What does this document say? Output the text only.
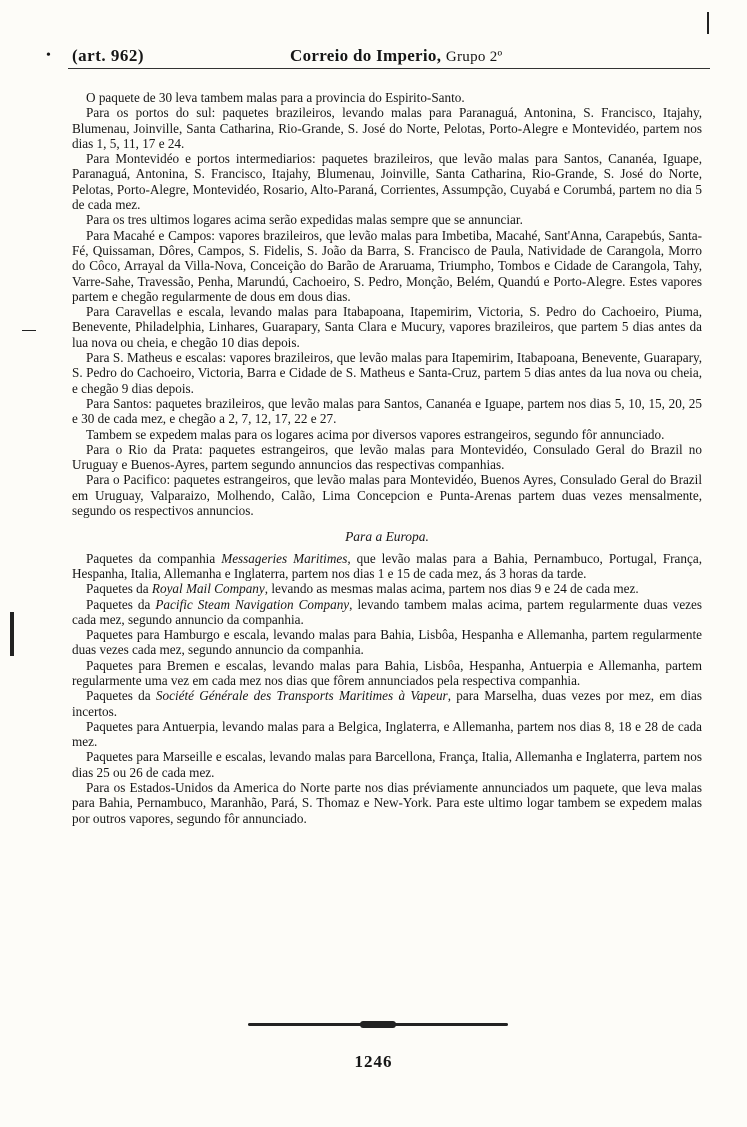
• (art. 962)	Correio do Imperio, Grupo 2º

O paquete de 30 leva tambem malas para a provincia do Espirito-Santo.

Para os portos do sul: paquetes brazileiros, levando malas para Paranaguá, Antonina, S. Francisco, Itajahy, Blumenau, Joinville, Santa Catharina, Rio-Grande, S. José do Norte, Pelotas, Porto-Alegre e Montevidéo, partem nos dias 1, 5, 11, 17 e 24.

Para Montevidéo e portos intermediarios: paquetes brazileiros, que levão malas para Santos, Cananéa, Iguape, Paranaguá, Antonina, S. Francisco, Itajahy, Blumenau, Joinville, Santa Catharina, Rio-Grande, S. José do Norte, Pelotas, Porto-Alegre, Montevidéo, Rosario, Alto-Paraná, Corrientes, Assumpção, Cuyabá e Corumbá, partem no dia 5 de cada mez.

Para os tres ultimos logares acima serão expedidas malas sempre que se annunciar.

Para Macahé e Campos: vapores brazileiros, que levão malas para Imbetiba, Macahé, Sant'Anna, Carapebús, Santa-Fé, Quissaman, Dôres, Campos, S. Fidelis, S. João da Barra, S. Francisco de Paula, Natividade de Carangola, Morro do Côco, Arrayal da Villa-Nova, Conceição do Barão de Araruama, Triumpho, Tombos e Cidade de Carangola, Tahy, Varre-Sahe, Travessão, Penha, Marundú, Cachoeiro, S. Pedro, Monção, Belém, Quandú e Porto-Alegre. Estes vapores partem e chegão regularmente de dous em dous dias.

Para Caravellas e escala, levando malas para Itabapoana, Itapemirim, Victoria, S. Pedro do Cachoeiro, Piuma, Benevente, Philadelphia, Linhares, Guarapary, Santa Clara e Mucury, vapores brazileiros, que partem 5 dias antes da lua nova ou cheia, e chegão 10 dias depois.

Para S. Matheus e escalas: vapores brazileiros, que levão malas para Itapemirim, Itabapoana, Benevente, Guarapary, S. Pedro do Cachoeiro, Victoria, Barra e Cidade de S. Matheus e Santa-Cruz, partem 5 dias antes da lua nova ou cheia, e chegão 9 dias depois.

Para Santos: paquetes brazileiros, que levão malas para Santos, Cananéa e Iguape, partem nos dias 5, 10, 15, 20, 25 e 30 de cada mez, e chegão a 2, 7, 12, 17, 22 e 27.

Tambem se expedem malas para os logares acima por diversos vapores estrangeiros, segundo fôr annunciado.

Para o Rio da Prata: paquetes estrangeiros, que levão malas para Montevidéo, Consulado Geral do Brazil no Uruguay e Buenos-Ayres, partem segundo annuncios das respectivas companhias.

Para o Pacifico: paquetes estrangeiros, que levão malas para Montevidéo, Buenos Ayres, Consulado Geral do Brazil em Uruguay, Valparaizo, Molhendo, Calão, Lima Concepcion e Punta-Arenas partem duas vezes mensalmente, segundo os respectivos annuncios.

Para a Europa.

Paquetes da companhia Messageries Maritimes, que levão malas para a Bahia, Pernambuco, Portugal, França, Hespanha, Italia, Allemanha e Inglaterra, partem nos dias 1 e 15 de cada mez, ás 3 horas da tarde.

Paquetes da Royal Mail Company, levando as mesmas malas acima, partem nos dias 9 e 24 de cada mez.

Paquetes da Pacific Steam Navigation Company, levando tambem malas acima, partem regularmente duas vezes cada mez, segundo annuncio da companhia.

Paquetes para Hamburgo e escala, levando malas para Bahia, Lisbôa, Hespanha e Allemanha, partem regularmente duas vezes cada mez, segundo annuncio da companhia.

Paquetes para Bremen e escalas, levando malas para Bahia, Lisbôa, Hespanha, Antuerpia e Allemanha, partem regularmente uma vez em cada mez nos dias que fôrem annunciados pela respectiva companhia.

Paquetes da Société Générale des Transports Maritimes à Vapeur, para Marselha, duas vezes por mez, em dias incertos.

Paquetes para Antuerpia, levando malas para a Belgica, Inglaterra, e Allemanha, partem nos dias 8, 18 e 28 de cada mez.

Paquetes para Marseille e escalas, levando malas para Barcellona, França, Italia, Allemanha e Inglaterra, partem nos dias 25 ou 26 de cada mez.

Para os Estados-Unidos da America do Norte parte nos dias préviamente annunciados um paquete, que leva malas para Bahia, Pernambuco, Maranhão, Pará, S. Thomaz e New-York. Para este ultimo logar tambem se expedem malas por outros vapores, segundo fôr annunciado.

1246
